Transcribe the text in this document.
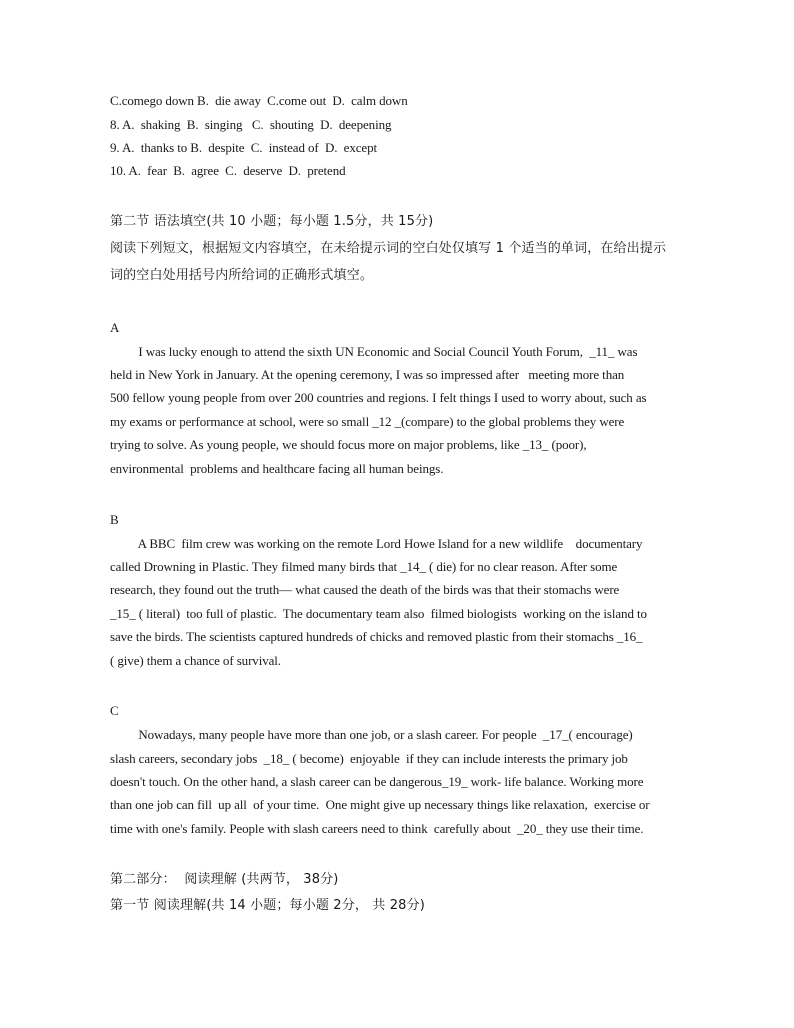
C.comego down B.  die away  C.come out  D.  calm down
8. A.  shaking  B.  singing   C.  shouting  D.  deepening
9. A.  thanks to B.  despite  C.  instead of  D.  except
10. A.  fear  B.  agree  C.  deserve  D.  pretend
第二节 语法填空(共 10 小题；每小题 1.5分，共 15分)
阅读下列短文，根据短文内容填空，在未给提示词的空白处仅填写 1 个适当的单词，在给出提示
词的空白处用括号内所给词的正确形式填空。
A
I was lucky enough to attend the sixth UN Economic and Social Council Youth Forum,  _11_ was
held in New York in January. At the opening ceremony, I was so impressed after   meeting more than
500 fellow young people from over 200 countries and regions. I felt things I used to worry about, such as
my exams or performance at school, were so small _12 _(compare) to the global problems they were
trying to solve. As young people, we should focus more on major problems, like _13_ (poor),
environmental  problems and healthcare facing all human beings.
B
A BBC  film crew was working on the remote Lord Howe Island for a new wildlife    documentary
called Drowning in Plastic. They filmed many birds that _14_ ( die) for no clear reason. After some
research, they found out the truth— what caused the death of the birds was that their stomachs were
_15_ ( literal)  too full of plastic.  The documentary team also  filmed biologists  working on the island to
save the birds. The scientists captured hundreds of chicks and removed plastic from their stomachs _16_
( give) them a chance of survival.
C
Nowadays, many people have more than one job, or a slash career. For people  _17_( encourage)
slash careers, secondary jobs  _18_ ( become)  enjoyable  if they can include interests the primary job
doesn't touch. On the other hand, a slash career can be dangerous_19_ work- life balance. Working more
than one job can fill  up all  of your time.  One might give up necessary things like relaxation,  exercise or
time with one's family. People with slash careers need to think  carefully about  _20_ they use their time.
第二部分：  阅读理解 (共两节， 38分)
第一节 阅读理解(共 14 小题；每小题 2分， 共 28分)
